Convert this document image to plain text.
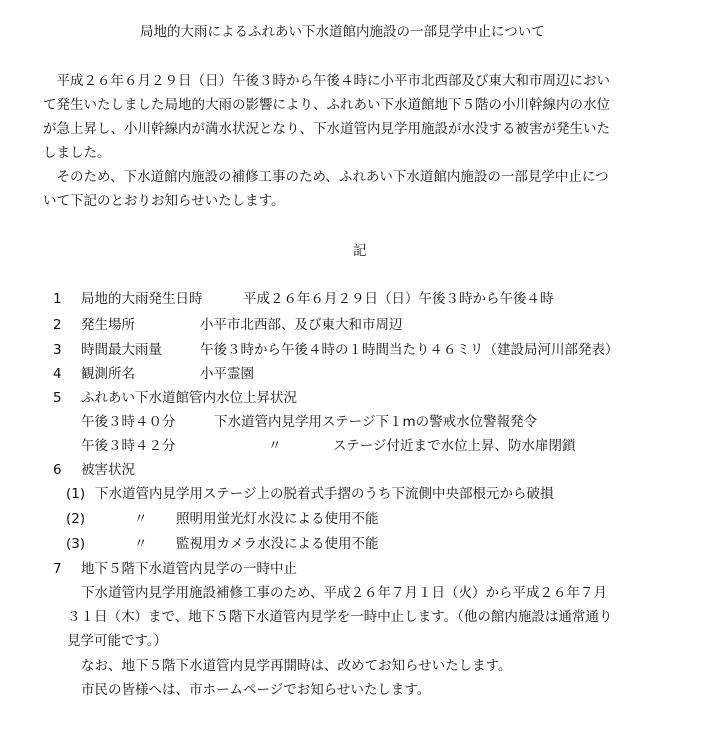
局地的大雨によるふれあい下水道館内施設の一部見学中止について
　平成２６年６月２９日（日）午後３時から午後４時に小平市北西部及び東大和市周辺におい
て発生いたしました局地的大雨の影響により、ふれあい下水道館地下５階の小川幹線内の水位
が急上昇し、小川幹線内が満水状況となり、下水道管内見学用施設が水没する被害が発生いた
しました。
　そのため、下水道館内施設の補修工事のため、ふれあい下水道館内施設の一部見学中止につ
いて下記のとおりお知らせいたします。
記
1 局地的大雨発生日時	平成２６年６月２９日（日）午後３時から午後４時
2 発生場所	小平市北西部、及び東大和市周辺
3 時間最大雨量	午後３時から午後４時の１時間当たり４６ミリ（建設局河川部発表）
4 観測所名	小平霊園
5 ふれあい下水道館管内水位上昇状況
午後３時４０分	下水道管内見学用ステージ下１mの警戒水位警報発令
午後３時４２分	〃	ステージ付近まで水位上昇、防水扉閉鎖
6 被害状況
(1) 下水道管内見学用ステージ上の脱着式手摺のうち下流側中央部根元から破損
(2)	〃 照明用蛍光灯水没による使用不能
(3)	〃 監視用カメラ水没による使用不能
7 地下５階下水道管内見学の一時中止
下水道管内見学用施設補修工事のため、平成２６年７月１日（火）から平成２６年７月
３１日（木）まで、地下５階下水道管内見学を一時中止します。（他の館内施設は通常通り
見学可能です。）
なお、地下５階下水道管内見学再開時は、改めてお知らせいたします。
市民の皆様へは、市ホームページでお知らせいたします。
